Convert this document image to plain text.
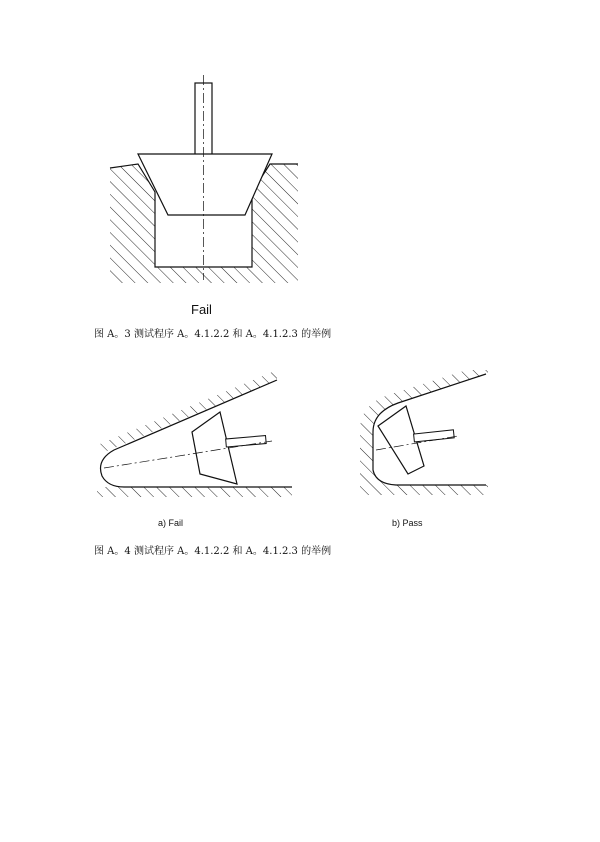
Fail
图 A。3 测试程序 A。4.1.2.2 和 A。4.1.2.3 的举例
a) Fail	b) Pass
图 A。4 测试程序 A。4.1.2.2 和 A。4.1.2.3 的举例
